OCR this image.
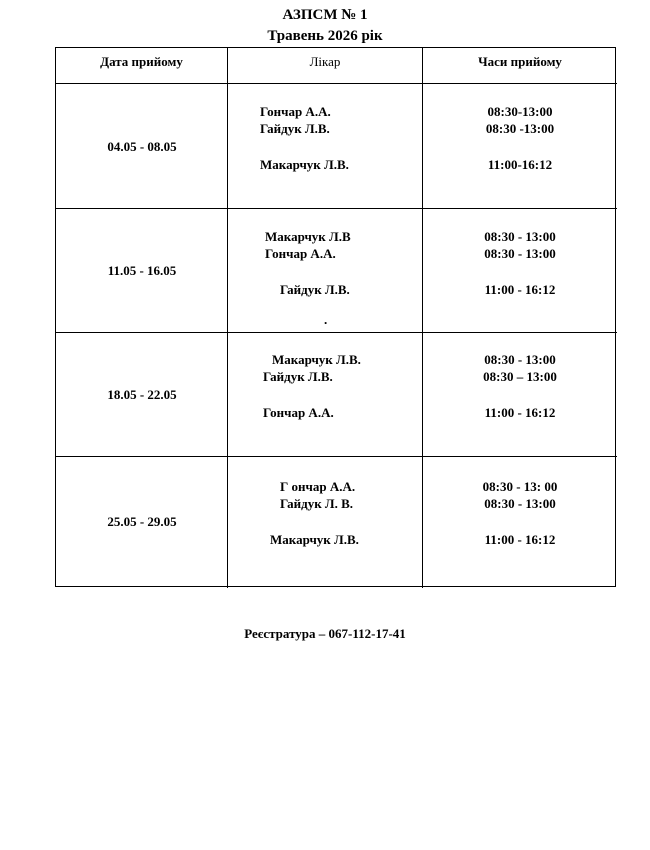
АЗПСМ № 1
Травень 2026 рік
Дата прийому	Лікар	Часи прийому
04.05 - 08.05
Гончар А.А.
Гайдук Л.В.
Макарчук Л.В.
08:30-13:00
08:30 -13:00
11:00-16:12
11.05 - 16.05
Макарчук Л.В
Гончар А.А.
Гайдук Л.В.
.
08:30 - 13:00
08:30 - 13:00
11:00 - 16:12
18.05 - 22.05
Макарчук Л.В.
Гайдук Л.В.
Гончар А.А.
08:30 - 13:00
08:30 – 13:00
11:00 - 16:12
25.05 - 29.05
Г ончар А.А.
Гайдук Л. В.
Макарчук Л.В.
08:30 - 13: 00
08:30 - 13:00
11:00 - 16:12
Реєстратура – 067-112-17-41
